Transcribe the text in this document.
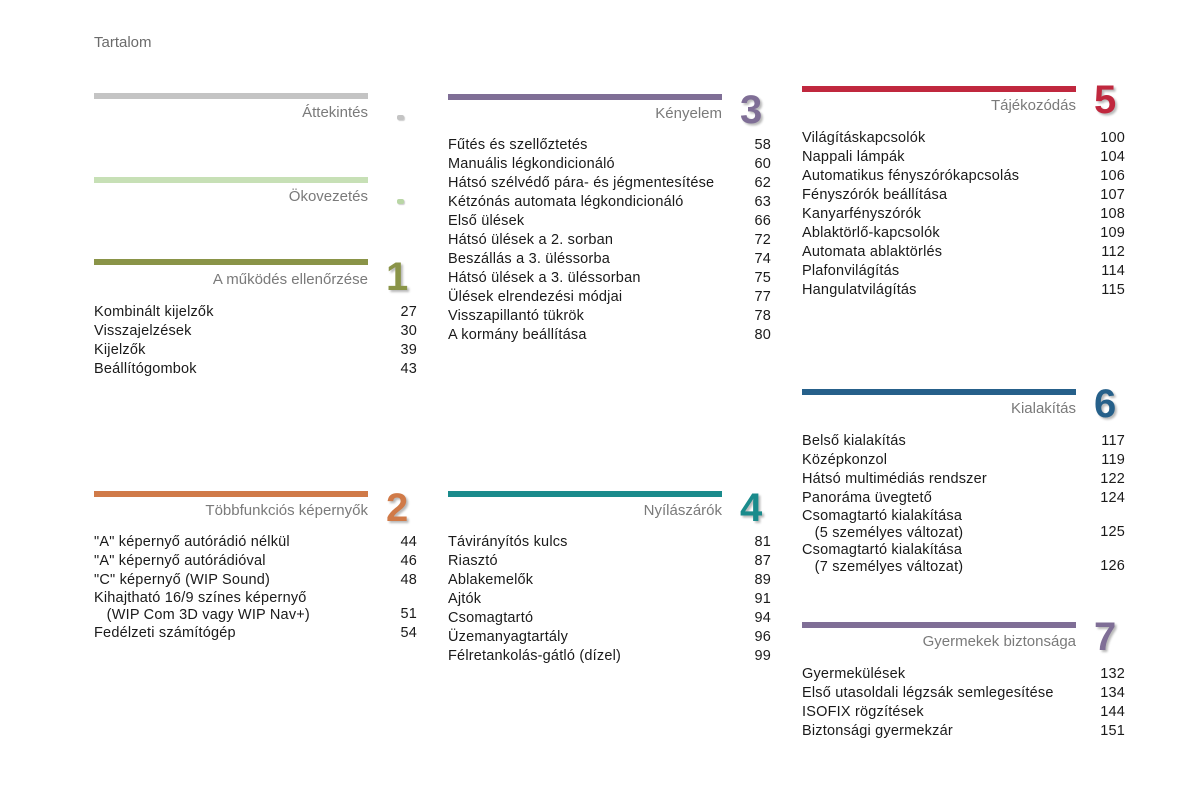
Tartalom
Áttekintés
Ökovezetés
A működés ellenőrzése 1
Kombinált kijelzők	27
Visszajelzések	30
Kijelzők	39
Beállítógombok	43
Többfunkciós képernyők 2
"A" képernyő autórádió nélkül	44
"A" képernyő autórádióval	46
"C" képernyő (WIP Sound)	48
Kihajtható 16/9 színes képernyő
(WIP Com 3D vagy WIP Nav+)	51
Fedélzeti számítógép	54
Kényelem 3
Fűtés és szellőztetés	58
Manuális légkondicionáló	60
Hátsó szélvédő pára- és jégmentesítése	62
Kétzónás automata légkondicionáló	63
Első ülések	66
Hátsó ülések a 2. sorban	72
Beszállás a 3. üléssorba	74
Hátsó ülések a 3. üléssorban	75
Ülések elrendezési módjai	77
Visszapillantó tükrök	78
A kormány beállítása	80
Nyílászárók 4
Távirányítós kulcs	81
Riasztó	87
Ablakemelők	89
Ajtók	91
Csomagtartó	94
Üzemanyagtartály	96
Félretankolás-gátló (dízel)	99
Tájékozódás 5
Világításkapcsolók	100
Nappali lámpák	104
Automatikus fényszórókapcsolás	106
Fényszórók beállítása	107
Kanyarfényszórók	108
Ablaktörlő-kapcsolók	109
Automata ablaktörlés	112
Plafonvilágítás	114
Hangulatvilágítás	115
Kialakítás 6
Belső kialakítás	117
Középkonzol	119
Hátsó multimédiás rendszer	122
Panoráma üvegtető	124
Csomagtartó kialakítása
(5 személyes változat)	125
Csomagtartó kialakítása
(7 személyes változat)	126
Gyermekek biztonsága 7
Gyermekülések	132
Első utasoldali légzsák semlegesítése	134
ISOFIX rögzítések	144
Biztonsági gyermekzár	151
